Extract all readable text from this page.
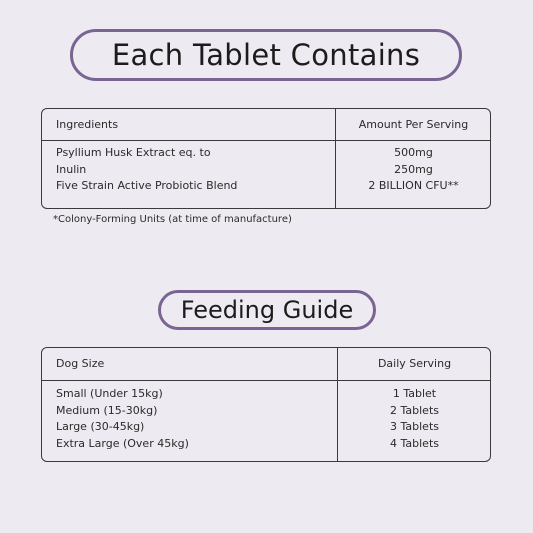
Each Tablet Contains
Ingredients	Amount Per Serving
Psyllium Husk Extract eq. to
Inulin
Five Strain Active Probiotic Blend
500mg
250mg
2 BILLION CFU**
*Colony-Forming Units (at time of manufacture)
Feeding Guide
Dog Size	Daily Serving
Small (Under 15kg)
Medium (15-30kg)
Large (30-45kg)
Extra Large (Over 45kg)
1 Tablet
2 Tablets
3 Tablets
4 Tablets
